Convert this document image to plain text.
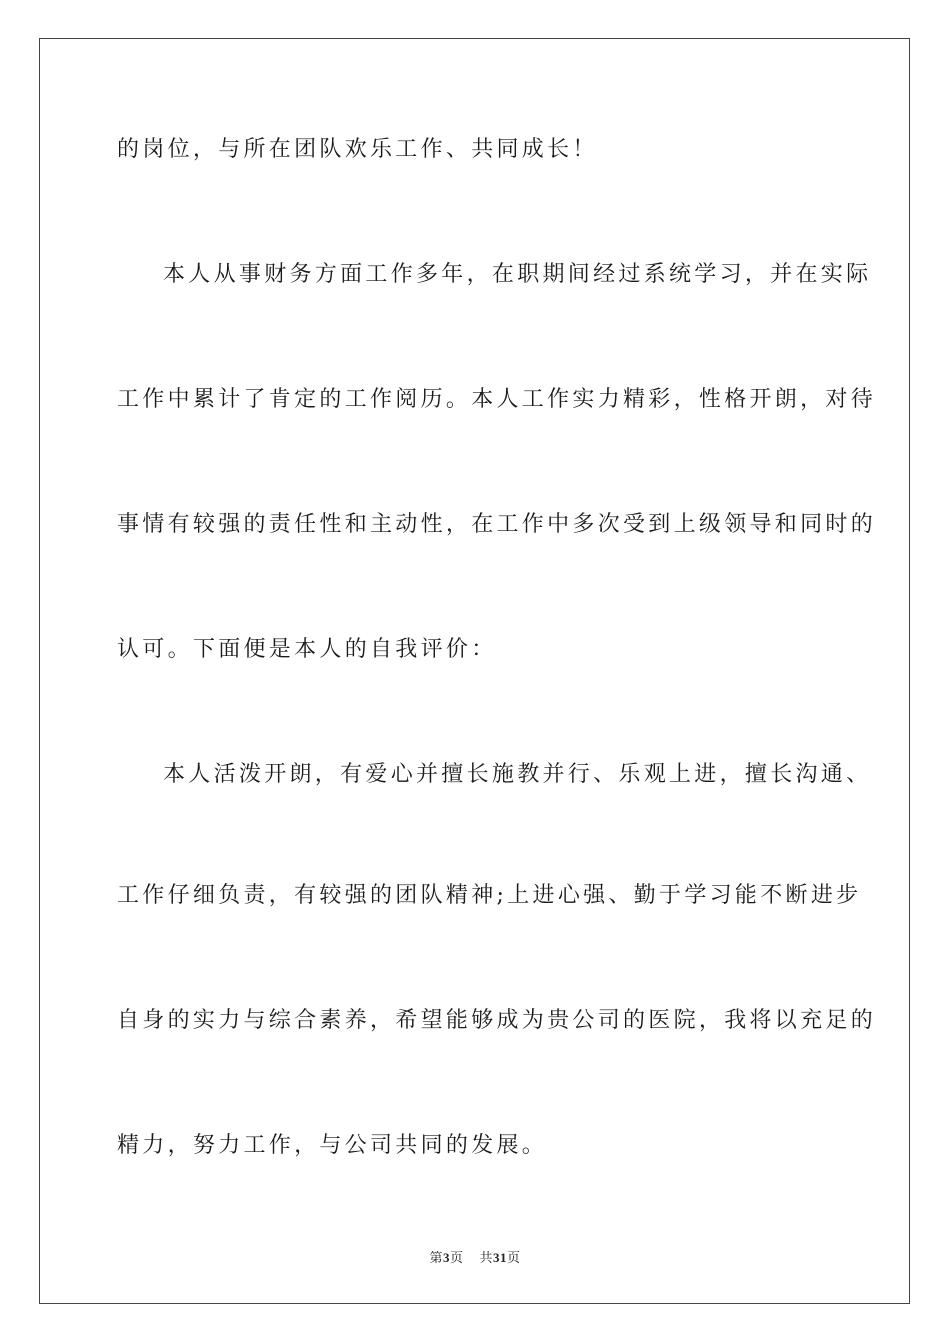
的岗位，与所在团队欢乐工作、共同成长！
本人从事财务方面工作多年，在职期间经过系统学习，并在实际
工作中累计了肯定的工作阅历。本人工作实力精彩，性格开朗，对待
事情有较强的责任性和主动性，在工作中多次受到上级领导和同时的
认可。下面便是本人的自我评价：
本人活泼开朗，有爱心并擅长施教并行、乐观上进，擅长沟通、
工作仔细负责，有较强的团队精神;上进心强、勤于学习能不断进步
自身的实力与综合素养，希望能够成为贵公司的医院，我将以充足的
精力，努力工作，与公司共同的发展。
第3页 共31页
